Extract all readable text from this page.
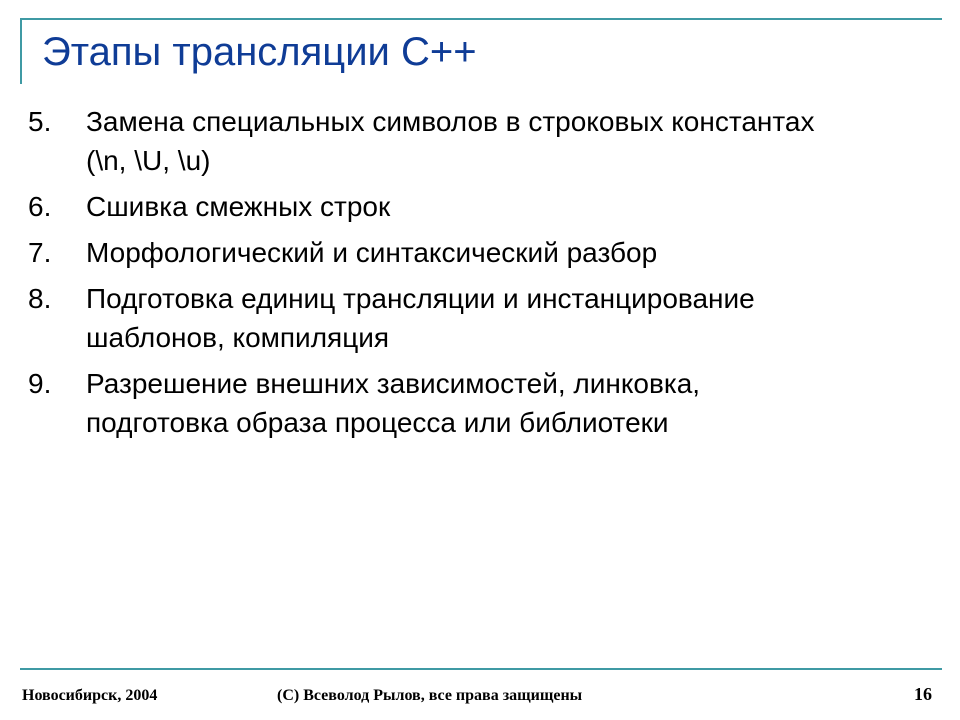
Этапы трансляции С++
5.	Замена специальных символов в строковых константах
(\n, \U, \u)
6.	Сшивка смежных строк
7.	Морфологический и синтаксический разбор
8.	Подготовка единиц трансляции и инстанцирование
шаблонов, компиляция
9.	Разрешение внешних зависимостей, линковка,
подготовка образа процесса или библиотеки
Новосибирск, 2004	(С) Всеволод Рылов, все права защищены	16
